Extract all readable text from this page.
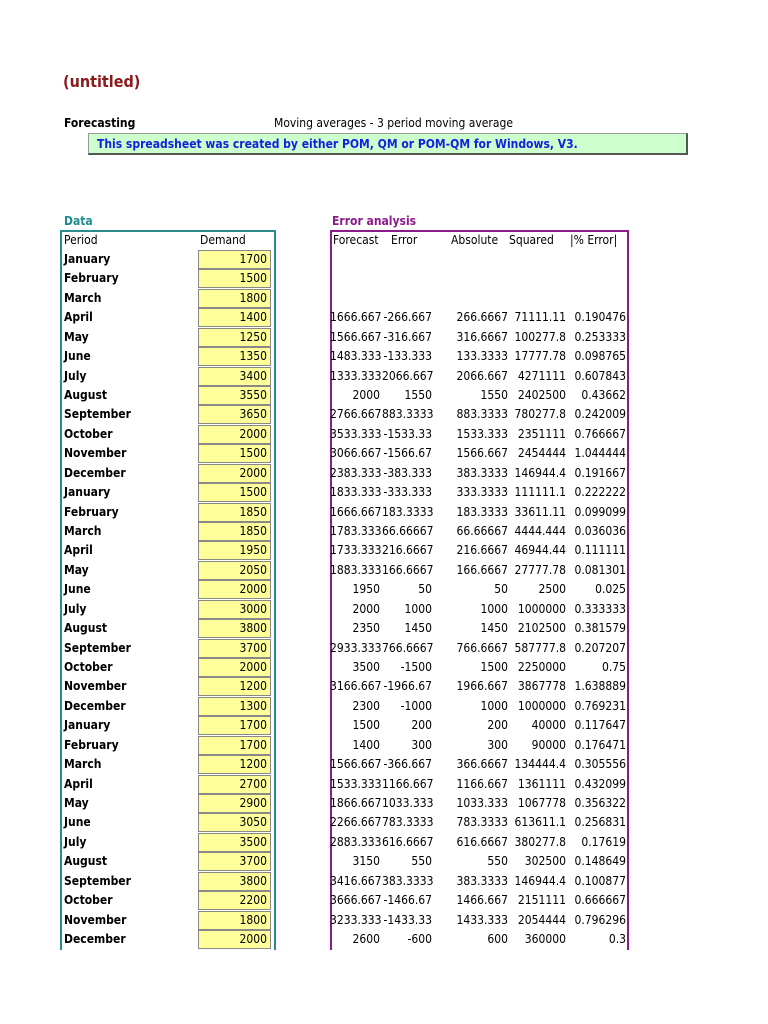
(untitled)
Forecasting	Moving averages - 3 period moving average
This spreadsheet was created by either POM, QM or POM-QM for Windows, V3.
Data	Error analysis
Period	Demand	Forecast Error	Absolute Squared |% Error|
January	1700
February	1500
March	1800
April	1400	1666.667 -266.667	266.6667 71111.11 0.190476
May	1250	1566.667 -316.667	316.6667 100277.8 0.253333
June	1350	1483.333 -133.333	133.3333 17777.78 0.098765
July	3400	1333.333 2066.667	2066.667 4271111 0.607843
August	3550	2000	1550	1550 2402500	0.43662
September	3650	2766.667 883.3333	883.3333 780277.8 0.242009
October	2000	3533.333 -1533.33	1533.333 2351111 0.766667
November	1500	3066.667 -1566.67	1566.667 2454444 1.044444
December	2000	2383.333 -383.333	383.3333 146944.4 0.191667
January	1500	1833.333 -333.333	333.3333 111111.1 0.222222
February	1850	1666.667 183.3333	183.3333 33611.11 0.099099
March	1850	1783.333 66.66667	66.66667 4444.444 0.036036
April	1950	1733.333 216.6667	216.6667 46944.44 0.111111
May	2050	1883.333 166.6667	166.6667 27777.78 0.081301
June	2000	1950	50	50	2500	0.025
July	3000	2000	1000	1000 1000000 0.333333
August	3800	2350	1450	1450 2102500 0.381579
September	3700	2933.333 766.6667	766.6667 587777.8 0.207207
October	2000	3500	-1500	1500 2250000	0.75
November	1200	3166.667 -1966.67	1966.667 3867778 1.638889
December	1300	2300	-1000	1000 1000000 0.769231
January	1700	1500	200	200	40000 0.117647
February	1700	1400	300	300	90000 0.176471
March	1200	1566.667 -366.667	366.6667 134444.4 0.305556
April	2700	1533.333 1166.667	1166.667 1361111 0.432099
May	2900	1866.667 1033.333	1033.333 1067778 0.356322
June	3050	2266.667 783.3333	783.3333 613611.1 0.256831
July	3500	2883.333 616.6667	616.6667 380277.8	0.17619
August	3700	3150	550	550	302500 0.148649
September	3800	3416.667 383.3333	383.3333 146944.4 0.100877
October	2200	3666.667 -1466.67	1466.667 2151111 0.666667
November	1800	3233.333 -1433.33	1433.333 2054444 0.796296
December	2000	2600	-600	600	360000	0.3
